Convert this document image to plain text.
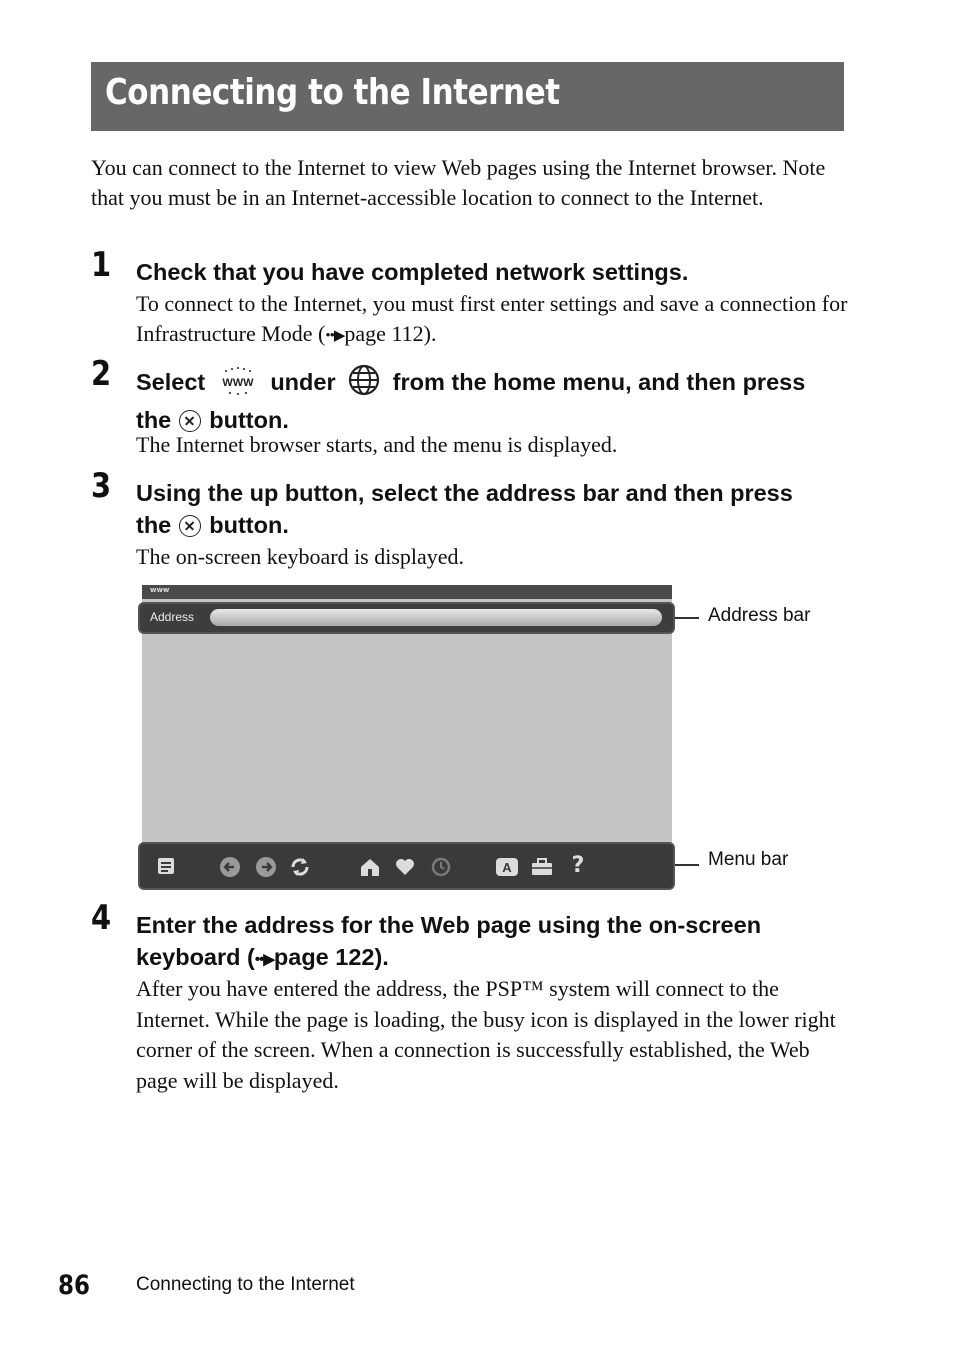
Connecting to the Internet
You can connect to the Internet to view Web pages using the Internet browser. Note that you must be in an Internet-accessible location to connect to the Internet.
1 Check that you have completed network settings.
To connect to the Internet, you must first enter settings and save a connection for Infrastructure Mode (••▶page 112).
2 Select WWW under from the home menu, and then press
the button.
The Internet browser starts, and the menu is displayed.
3 Using the up button, select the address bar and then press
the button.
The on-screen keyboard is displayed.
www
Address
A	?
Address bar
Menu bar
4 Enter the address for the Web page using the on-screen keyboard (••▶page 122).
After you have entered the address, the PSP™ system will connect to the Internet. While the page is loading, the busy icon is displayed in the lower right corner of the screen. When a connection is successfully established, the Web page will be displayed.
86 Connecting to the Internet
